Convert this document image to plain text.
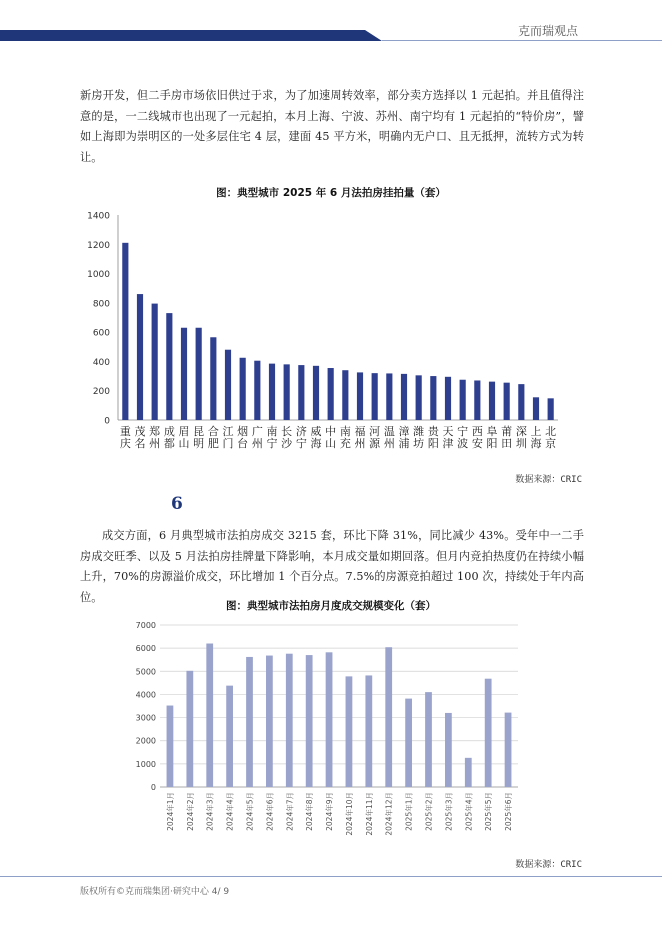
克而瑞观点
新房开发，但二手房市场依旧供过于求，为了加速周转效率，部分卖方选择以 1 元起拍。并且值得注意的是，一二线城市也出现了一元起拍，本月上海、宁波、苏州、南宁均有 1 元起拍的“特价房”，譬如上海即为崇明区的一处多层住宅 4 层，建面 45 平方米，明确内无户口、且无抵押，流转方式为转让。
图：典型城市 2025 年 6 月法拍房挂拍量（套）
0
200
400
600
800
1000
1200
1400
重
庆
茂
名
郑
州
成
都
眉
山
昆
明
合
肥
江
门
烟
台
广
州
南
宁
长
沙
济
宁
威
海
中
山
南
充
福
州
河
源
温
州
漳
浦
潍
坊
贵
阳
天
津
宁
波
西
安
阜
阳
莆
田
深
圳
上
海
北
京
数据来源：CRIC
6
成交方面，6 月典型城市法拍房成交 3215 套，环比下降 31%，同比减少 43%。受年中一二手房成交旺季、以及 5 月法拍房挂牌量下降影响，本月成交量如期回落。但月内竞拍热度仍在持续小幅上升，70%的房源溢价成交，环比增加 1 个百分点。7.5%的房源竞拍超过 100 次，持续处于年内高位。
图：典型城市法拍房月度成交规模变化（套）
0
1000
2000
3000
4000
5000
6000
7000
2024年1月 2024年2月 2024年3月 2024年4月 2024年5月 2024年6月 2024年7月 2024年8月 2024年9月 2024年10月 2024年11月 2024年12月 2025年1月 2025年2月 2025年3月 2025年4月 2025年5月 2025年6月
数据来源：CRIC
版权所有©克而瑞集团·研究中心 4/ 9
